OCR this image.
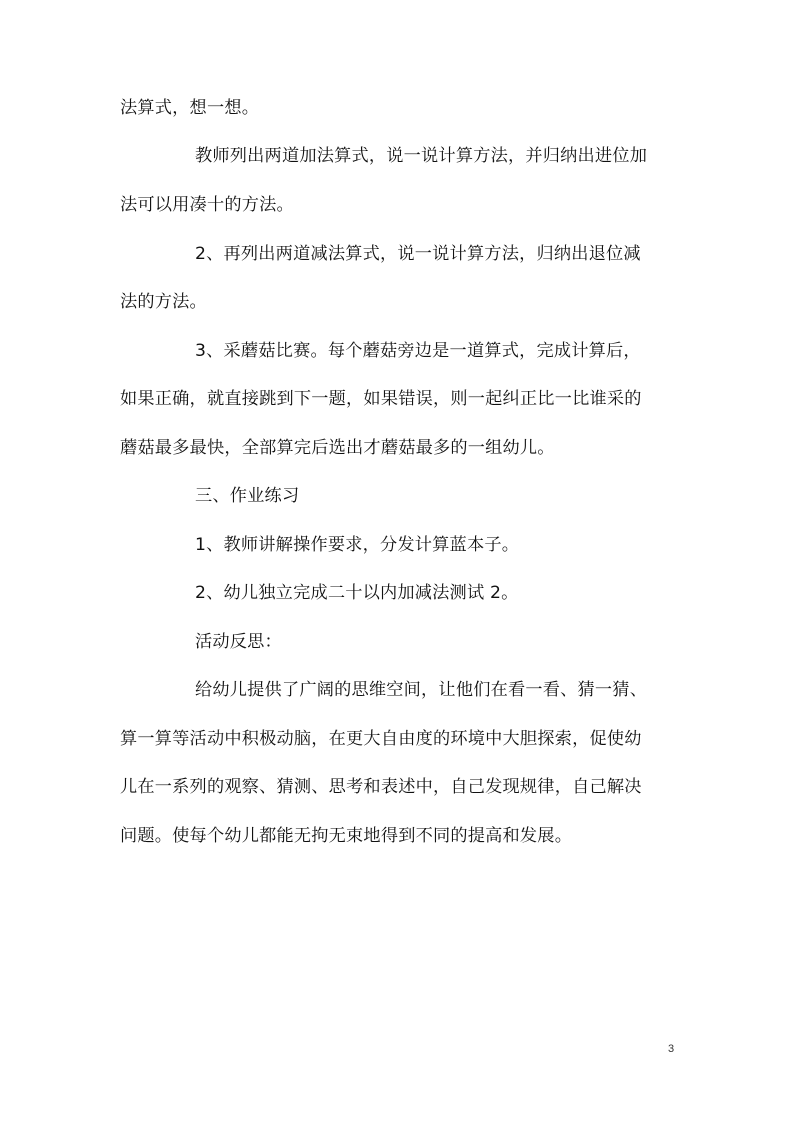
法算式，想一想。
教师列出两道加法算式，说一说计算方法，并归纳出进位加
法可以用凑十的方法。
2、再列出两道减法算式，说一说计算方法，归纳出退位减
法的方法。
3、采蘑菇比赛。每个蘑菇旁边是一道算式，完成计算后，
如果正确，就直接跳到下一题，如果错误，则一起纠正比一比谁采的
蘑菇最多最快，全部算完后选出才蘑菇最多的一组幼儿。
三、作业练习
1、教师讲解操作要求，分发计算蓝本子。
2、幼儿独立完成二十以内加减法测试 2。
活动反思：
给幼儿提供了广阔的思维空间，让他们在看一看、猜一猜、
算一算等活动中积极动脑，在更大自由度的环境中大胆探索，促使幼
儿在一系列的观察、猜测、思考和表述中，自己发现规律，自己解决
问题。使每个幼儿都能无拘无束地得到不同的提高和发展。
3
